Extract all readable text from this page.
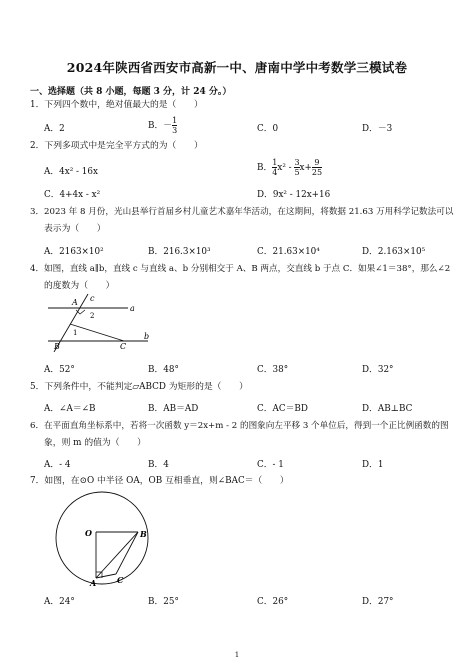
2024年陕西省西安市高新一中、唐南中学中考数学三模试卷
一、选择题（共 8 小题，每题 3 分，计 24 分。）
1．下列四个数中，绝对值最大的是（　　）
A．2	B．－ $\frac{1}{3}$	C．0	D．－3
2．下列多项式中是完全平方式的为（　　）
A．4x² - 16x	B． $\frac{1}{4} x^2 - \frac{3}{5} x+ \frac{9}{25}$
C．4+4x - x²	D．9x² - 12x+16
3．2023 年 8 月份，光山县举行首届乡村儿童艺术嘉年华活动，在这期间，将数据 21.63 万用科学记数法可以
表示为（　　）
A．2163×10²	B．216.3×10³	C．21.63×10⁴	D．2.163×10⁵
4．如图，直线 a∥b，直线 c 与直线 a、b 分别相交于 A、B 两点，交直线 b 于点 C．如果∠1＝38°，那么∠2
的度数为（　　）
c
a
b
A
B	C
1
2
A．52°	B．48°	C．38°	D．32°
5．下列条件中，不能判定▱ABCD 为矩形的是（　　）
A．∠A＝∠B	B．AB＝AD	C．AC＝BD	D．AB⊥BC
6．在平面直角坐标系中，若将一次函数 y＝2x+m - 2 的图象向左平移 3 个单位后，得到一个正比例函数的图
象，则 m 的值为（　　）
A．- 4	B．4	C．- 1	D．1
7．如图，在⊙O 中半径 OA，OB 互相垂直，则∠BAC＝（　　）
O	B
A	C
A．24°	B．25°	C．26°	D．27°
1
